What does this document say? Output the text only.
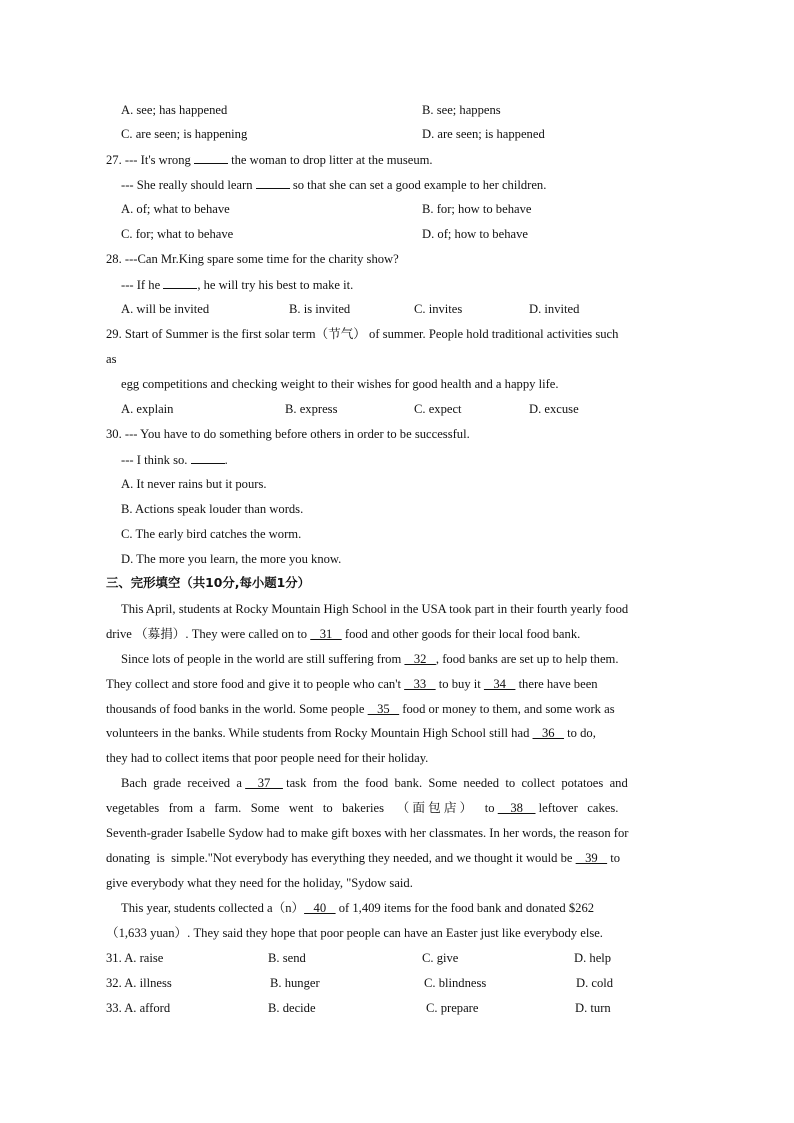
A. see; has happened	B. see; happens
C. are seen; is happening	D. are seen; is happened
27. --- It's wrong	the woman to drop litter at the museum.
--- She really should learn	so that she can set a good example to her children.
A. of; what to behave	B. for; how to behave
C. for; what to behave	D. of; how to behave
28. ---Can Mr.King spare some time for the charity show?
--- If he	, he will try his best to make it.
A. will be invited	B. is invited	C. invites	D. invited
29. Start of Summer is the first solar term（节气） of summer. People hold traditional activities such
as
egg competitions and checking weight to their wishes for good health and a happy life.
A. explain	B. express	C. expect	D. excuse
30. --- You have to do something before others in order to be successful.
--- I think so.	.
A. It never rains but it pours.
B. Actions speak louder than words.
C. The early bird catches the worm.
D. The more you learn, the more you know.
三、完形填空（共10分,每小题1分）
This April, students at Rocky Mountain High School in the USA took part in their fourth yearly food
drive （募捐）. They were called on to    31    food and other goods for their local food bank.
Since lots of people in the world are still suffering from    32   , food banks are set up to help them.
They collect and store food and give it to people who can't    33    to buy it    34    there have been
thousands of food banks in the world. Some people    35    food or money to them, and some work as
volunteers in the banks. While students from Rocky Mountain High School still had    36    to do,
they had to collect items that poor people need for their holiday.
Bach  grade  received  a     37     task  from  the  food  bank.  Some  needed  to  collect  potatoes  and
vegetables   from  a   farm.   Some   went   to   bakeries    （ 面 包 店 ）    to     38     leftover   cakes.
Seventh-grader Isabelle Sydow had to make gift boxes with her classmates. In her words, the reason for
donating  is  simple."Not everybody has everything they needed, and we thought it would be    39    to
give everybody what they need for the holiday, "Sydow said.
This year, students collected a（n）   40    of 1,409 items for the food bank and donated $262
（1,633 yuan）. They said they hope that poor people can have an Easter just like everybody else.
31. A. raise	B. send	C. give	D. help
32. A. illness	B. hunger	C. blindness	D. cold
33. A. afford	B. decide	C. prepare	D. turn
